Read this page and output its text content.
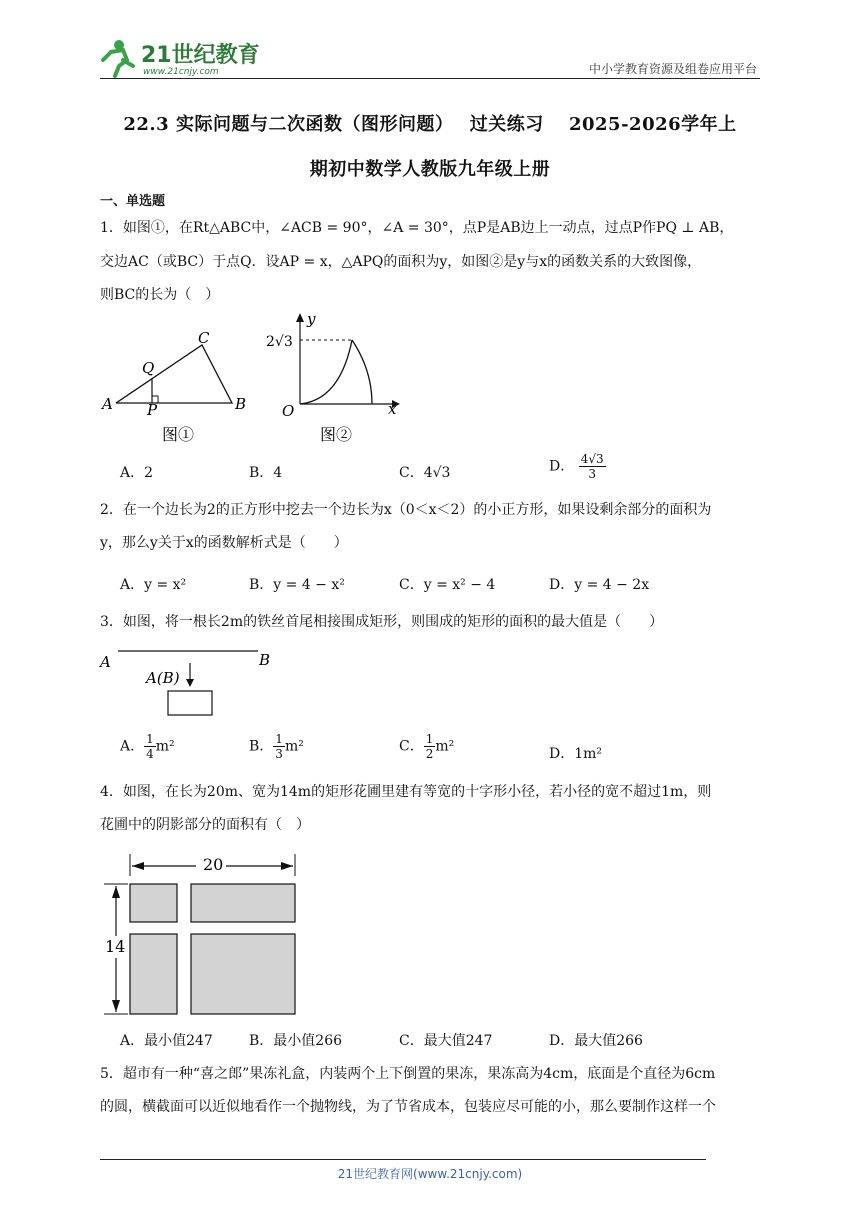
21世纪教育
www.21cnjy.com	中小学教育资源及组卷应用平台
22.3 实际问题与二次函数（图形问题）　 过关练习　 2025-2026学年上
期初中数学人教版九年级上册
一、单选题
1．如图①，在Rt△ABC中，∠ACB = 90°，∠A = 30°，点P是AB边上一动点，过点P作PQ ⊥ AB，
交边AC（或BC）于点Q．设AP = x，△APQ的面积为y，如图②是y与x的函数关系的大致图像，
则BC的长为（　）
A	B
C
P
Q
图①
y
x
O
2√3
图②
A．2	B．4	C．4√3	D． $\frac{4√3}{3}$
2．在一个边长为2的正方形中挖去一个边长为x（0＜x＜2）的小正方形，如果设剩余部分的面积为
y，那么y关于x的函数解析式是（　　）
A．y = x²	B．y = 4 − x²	C．y = x² − 4	D．y = 4 − 2x
3．如图，将一根长2m的铁丝首尾相接围成矩形，则围成的矩形的面积的最大值是（　　）
A	B
A(B)
A． $\frac{1}{4} m^2$	B． $\frac{1}{3} m^2$	C． $\frac{1}{2} m^2$	D．1m²
4．如图，在长为20m、宽为14m的矩形花圃里建有等宽的十字形小径，若小径的宽不超过1m，则
花圃中的阴影部分的面积有（　）
20
14
A．最小值247	B．最小值266	C．最大值247	D．最大值266
5．超市有一种“喜之郎”果冻礼盒，内装两个上下倒置的果冻，果冻高为4cm，底面是个直径为6cm
的圆，横截面可以近似地看作一个抛物线，为了节省成本，包装应尽可能的小，那么要制作这样一个
21世纪教育网(www.21cnjy.com)
